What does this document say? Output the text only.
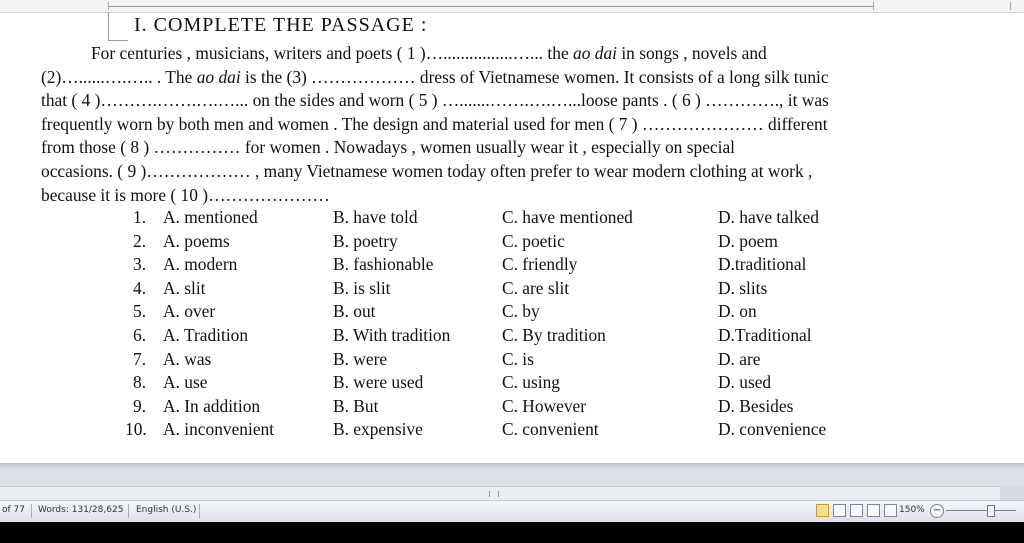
I. COMPLETE THE PASSAGE :
For centuries , musicians, writers and poets ( 1 )…................…... the ao dai in songs , novels and
(2)…......….….. . The ao dai is the (3) ……………… dress of Vietnamese women. It consists of a long silk tunic
that ( 4 )……….…….….…... on the sides and worn ( 5 ) ….......…….….…...loose pants . ( 6 ) …………., it was
frequently worn by both men and women . The design and material used for men ( 7 ) ………………… different
from those ( 8 ) …………… for women . Nowadays , women usually wear it , especially on special
occasions. ( 9 )……………… , many Vietnamese women today often prefer to wear modern clothing at work ,
because it is more ( 10 )…………………
1. A. mentioned	B. have told	C. have mentioned	D. have talked
2. A. poems	B. poetry	C. poetic	D. poem
3. A. modern	B. fashionable	C. friendly	D.traditional
4. A. slit	B. is slit	C. are slit	D. slits
5. A. over	B. out	C. by	D. on
6. A. Tradition	B. With tradition	C. By tradition	D.Traditional
7. A. was	B. were	C. is	D. are
8. A. use	B. were used	C. using	D. used
9. A. In addition	B. But	C. However	D. Besides
10. A. inconvenient	B. expensive	C. convenient	D. convenience
of 77 Words: 131/28,625 English (U.S.)	150% −
